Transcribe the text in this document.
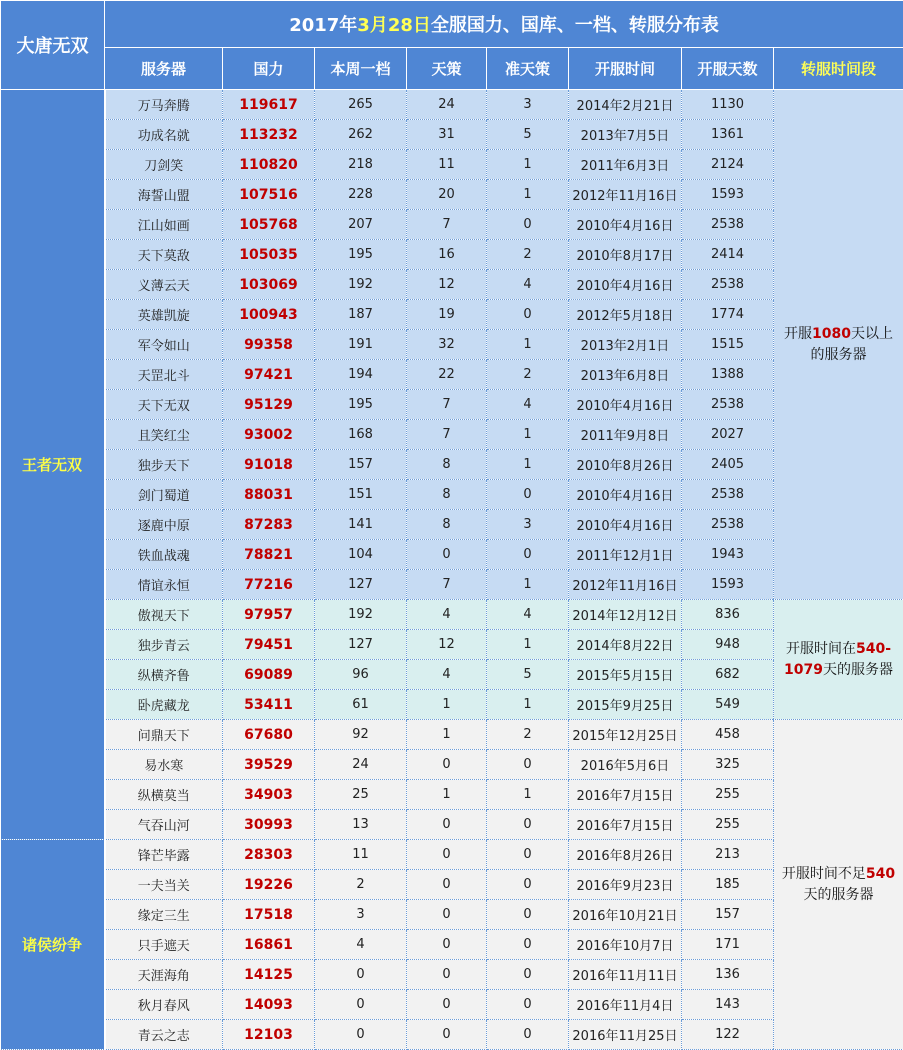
大唐无双	2017年3月28日全服国力、国库、一档、转服分布表							
	服务器	国力	本周一档	天策	准天策	开服时间	开服天数	转服时间段
王者无双	万马奔腾	119617	265	24	3	2014年2月21日	1130	开服1080天以上的服务器
	功成名就	113232	262	31	5	2013年7月5日	1361	
	刀剑笑	110820	218	11	1	2011年6月3日	2124	
	海誓山盟	107516	228	20	1	2012年11月16日	1593	
	江山如画	105768	207	7	0	2010年4月16日	2538	
	天下莫敌	105035	195	16	2	2010年8月17日	2414	
	义薄云天	103069	192	12	4	2010年4月16日	2538	
	英雄凯旋	100943	187	19	0	2012年5月18日	1774	
	军令如山	99358	191	32	1	2013年2月1日	1515	
	天罡北斗	97421	194	22	2	2013年6月8日	1388	
	天下无双	95129	195	7	4	2010年4月16日	2538	
	且笑红尘	93002	168	7	1	2011年9月8日	2027	
	独步天下	91018	157	8	1	2010年8月26日	2405	
	剑门蜀道	88031	151	8	0	2010年4月16日	2538	
	逐鹿中原	87283	141	8	3	2010年4月16日	2538	
	铁血战魂	78821	104	0	0	2011年12月1日	1943	
	情谊永恒	77216	127	7	1	2012年11月16日	1593	
	傲视天下	97957	192	4	4	2014年12月12日	836	开服时间在540-1079天的服务器
	独步青云	79451	127	12	1	2014年8月22日	948	
	纵横齐鲁	69089	96	4	5	2015年5月15日	682	
	卧虎藏龙	53411	61	1	1	2015年9月25日	549	
	问鼎天下	67680	92	1	2	2015年12月25日	458	开服时间不足540天的服务器
	易水寒	39529	24	0	0	2016年5月6日	325	
	纵横莫当	34903	25	1	1	2016年7月15日	255	
	气吞山河	30993	13	0	0	2016年7月15日	255	
诸侯纷争	锋芒毕露	28303	11	0	0	2016年8月26日	213	
	一夫当关	19226	2	0	0	2016年9月23日	185	
	缘定三生	17518	3	0	0	2016年10月21日	157	
	只手遮天	16861	4	0	0	2016年10月7日	171	
	天涯海角	14125	0	0	0	2016年11月11日	136	
	秋月春风	14093	0	0	0	2016年11月4日	143	
	青云之志	12103	0	0	0	2016年11月25日	122	
